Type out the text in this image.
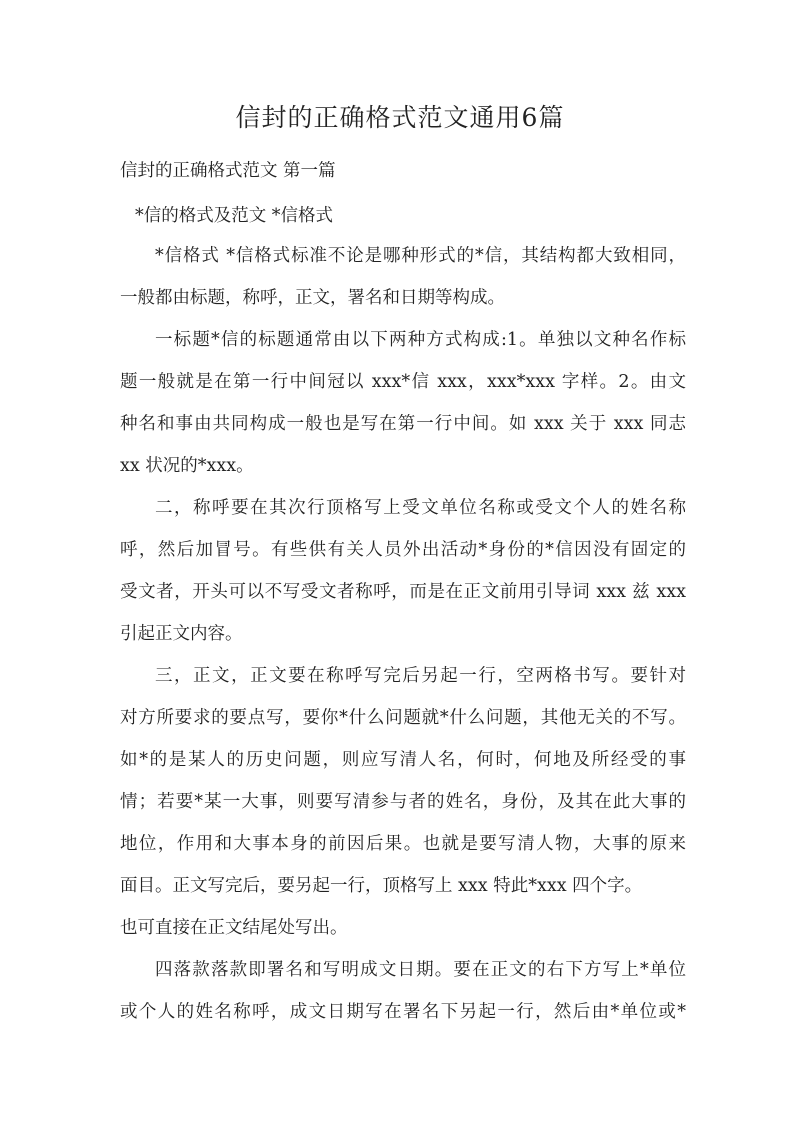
信封的正确格式范文通用6篇
信封的正确格式范文 第一篇
*信的格式及范文 *信格式
*信格式 *信格式标准不论是哪种形式的*信，其结构都大致相同，
一般都由标题，称呼，正文，署名和日期等构成。
一标题*信的标题通常由以下两种方式构成:1。单独以文种名作标
题一般就是在第一行中间冠以 xxx*信 xxx，xxx*xxx 字样。2。由文
种名和事由共同构成一般也是写在第一行中间。如 xxx 关于 xxx 同志
xx 状况的*xxx。
二，称呼要在其次行顶格写上受文单位名称或受文个人的姓名称
呼，然后加冒号。有些供有关人员外出活动*身份的*信因没有固定的
受文者，开头可以不写受文者称呼，而是在正文前用引导词 xxx 兹 xxx
引起正文内容。
三，正文，正文要在称呼写完后另起一行，空两格书写。要针对
对方所要求的要点写，要你*什么问题就*什么问题，其他无关的不写。
如*的是某人的历史问题，则应写清人名，何时，何地及所经受的事
情；若要*某一大事，则要写清参与者的姓名，身份，及其在此大事的
地位，作用和大事本身的前因后果。也就是要写清人物，大事的原来
面目。正文写完后，要另起一行，顶格写上 xxx 特此*xxx 四个字。
也可直接在正文结尾处写出。
四落款落款即署名和写明成文日期。要在正文的右下方写上*单位
或个人的姓名称呼，成文日期写在署名下另起一行，然后由*单位或*
